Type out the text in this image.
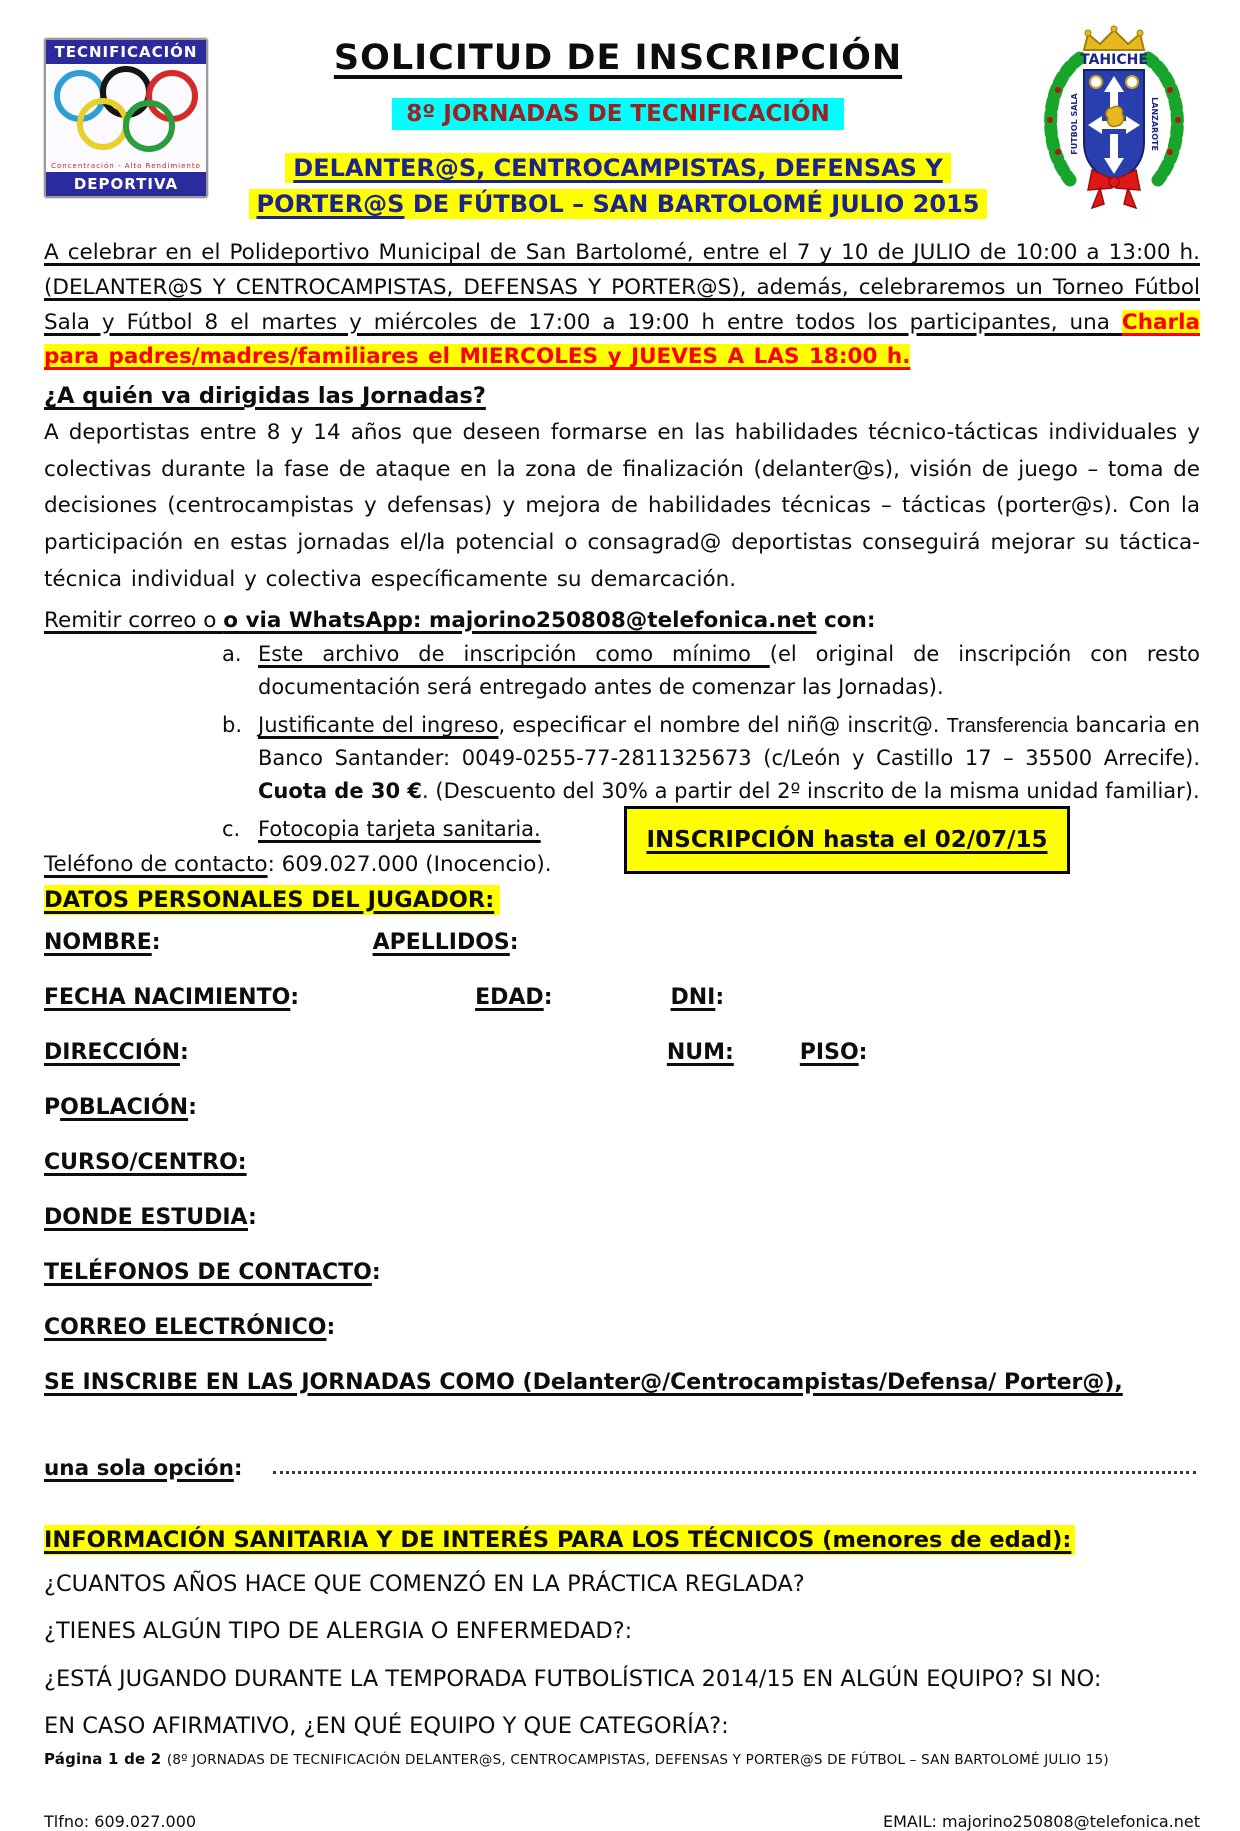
TECNIFICACIÓN
Concentración - Alto Rendimiento
DEPORTIVA
SOLICITUD DE INSCRIPCIÓN
8º JORNADAS DE TECNIFICACIÓN
DELANTER@S, CENTROCAMPISTAS, DEFENSAS Y
PORTER@S DE FÚTBOL – SAN BARTOLOMÉ JULIO 2015
TAHICHE
FUTBOL SALA	LANZAROTE

A celebrar en el Polideportivo Municipal de San Bartolomé, entre el 7 y 10 de JULIO de 10:00 a 13:00 h. (DELANTER@S Y CENTROCAMPISTAS, DEFENSAS Y PORTER@S), además, celebraremos un Torneo Fútbol Sala y Fútbol 8 el martes y miércoles de 17:00 a 19:00 h entre todos los participantes, una Charla para padres/madres/familiares el MIERCOLES y JUEVES A LAS 18:00 h.

¿A quién va dirigidas las Jornadas?

A deportistas entre 8 y 14 años que deseen formarse en las habilidades técnico-tácticas individuales y colectivas durante la fase de ataque en la zona de finalización (delanter@s), visión de juego – toma de decisiones (centrocampistas y defensas) y mejora de habilidades técnicas – tácticas (porter@s). Con la participación en estas jornadas el/la potencial o consagrad@ deportistas conseguirá mejorar su táctica-técnica individual y colectiva específicamente su demarcación.

Remitir correo o o via WhatsApp: majorino250808@telefonica.net con:
a. Este archivo de inscripción como mínimo (el original de inscripción con resto documentación será entregado antes de comenzar las Jornadas).
b. Justificante del ingreso, especificar el nombre del niñ@ inscrit@. Transferencia bancaria en Banco Santander: 0049-0255-77-2811325673 (c/León y Castillo 17 – 35500 Arrecife). Cuota de 30 €. (Descuento del 30% a partir del 2º inscrito de la misma unidad familiar).
c. Fotocopia tarjeta sanitaria.	INSCRIPCIÓN hasta el 02/07/15
Teléfono de contacto: 609.027.000 (Inocencio).
DATOS PERSONALES DEL JUGADOR:
NOMBRE:	APELLIDOS:
FECHA NACIMIENTO:	EDAD:	DNI:
DIRECCIÓN:	NUM:	PISO:
POBLACIÓN:
CURSO/CENTRO:
DONDE ESTUDIA:
TELÉFONOS DE CONTACTO:
CORREO ELECTRÓNICO:
SE INSCRIBE EN LAS JORNADAS COMO (Delanter@/Centrocampistas/Defensa/ Porter@),
una sola opción:
INFORMACIÓN SANITARIA Y DE INTERÉS PARA LOS TÉCNICOS (menores de edad):
¿CUANTOS AÑOS HACE QUE COMENZÓ EN LA PRÁCTICA REGLADA?
¿TIENES ALGÚN TIPO DE ALERGIA O ENFERMEDAD?:
¿ESTÁ JUGANDO DURANTE LA TEMPORADA FUTBOLÍSTICA 2014/15 EN ALGÚN EQUIPO? SI NO:
EN CASO AFIRMATIVO, ¿EN QUÉ EQUIPO Y QUE CATEGORÍA?:
Página 1 de 2 (8º JORNADAS DE TECNIFICACIÓN DELANTER@S, CENTROCAMPISTAS, DEFENSAS Y PORTER@S DE FÚTBOL – SAN BARTOLOMÉ JULIO 15)
Tlfno: 609.027.000	EMAIL: majorino250808@telefonica.net
